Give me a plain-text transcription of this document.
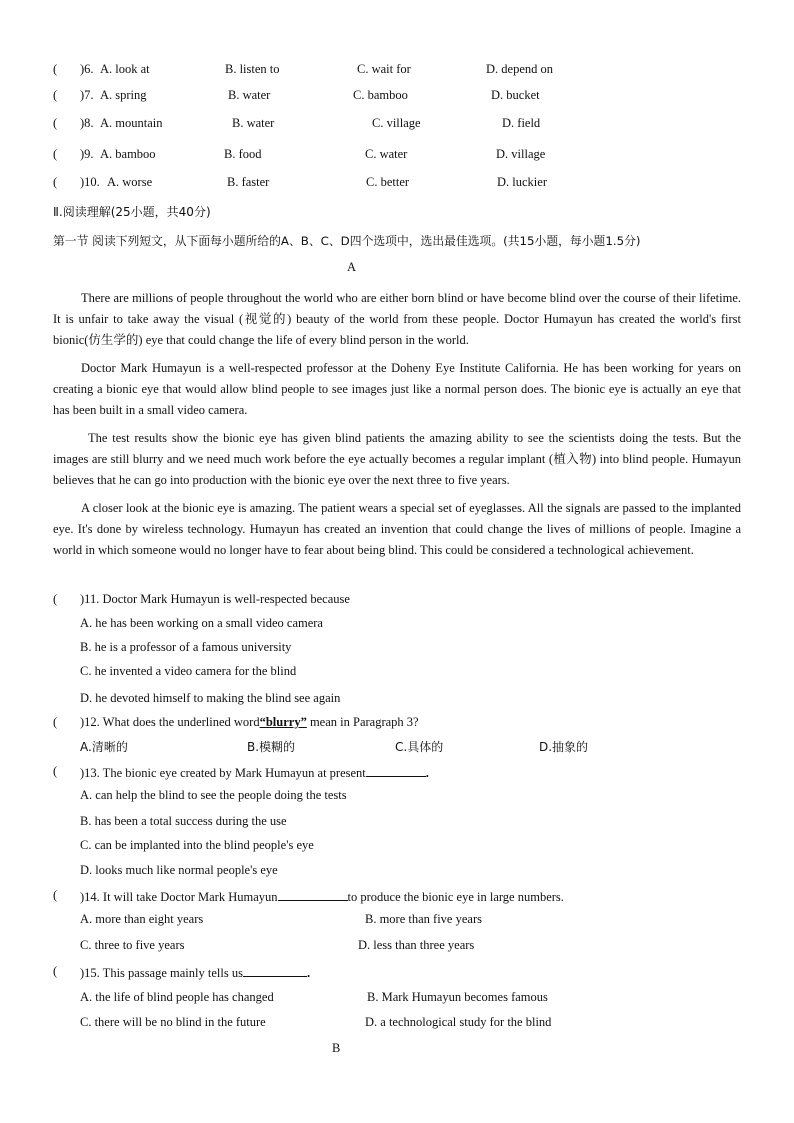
( )6. A. look at	B. listen to	C. wait for	D. depend on
( )7. A. spring	B. water	C. bamboo	D. bucket
( )8. A. mountain	B. water	C. village	D. field
( )9. A. bamboo	B. food	C. water	D. village
( )10. A. worse	B. faster	C. better	D. luckier
Ⅱ.阅读理解(25小题，共40分)
第一节 阅读下列短文，从下面每小题所给的A、B、C、D四个选项中，选出最佳选项。(共15小题，每小题1.5分)
A
There are millions of people throughout the world who are either born blind or have become blind over the course of their lifetime. It is unfair to take away the visual (视觉的) beauty of the world from these people. Doctor Humayun has created the world's first bionic(仿生学的) eye that could change the life of every blind person in the world.
Doctor Mark Humayun is a well-respected professor at the Doheny Eye Institute California. He has been working for years on creating a bionic eye that would allow blind people to see images just like a normal person does. The bionic eye is actually an eye that has been built in a small video camera.
The test results show the bionic eye has given blind patients the amazing ability to see the scientists doing the tests. But the images are still blurry and we need much work before the eye actually becomes a regular implant (植入物) into blind people. Humayun believes that he can go into production with the bionic eye over the next three to five years.
A closer look at the bionic eye is amazing. The patient wears a special set of eyeglasses. All the signals are passed to the implanted eye. It's done by wireless technology. Humayun has created an invention that could change the lives of millions of people. Imagine a world in which someone would no longer have to fear about being blind. This could be considered a technological achievement.
( )11. Doctor Mark Humayun is well-respected because
A. he has been working on a small video camera
B. he is a professor of a famous university
C. he invented a video camera for the blind
D. he devoted himself to making the blind see again
( )12. What does the underlined word“blurry” mean in Paragraph 3?
A.清晰的	B.模糊的	C.具体的	D.抽象的
( )13. The bionic eye created by Mark Humayun at present	.
A. can help the blind to see the people doing the tests
B. has been a total success during the use
C. can be implanted into the blind people's eye
D. looks much like normal people's eye
( )14. It will take Doctor Mark Humayun	to produce the bionic eye in large numbers.
A. more than eight years	B. more than five years
C. three to five years	D. less than three years
( )15. This passage mainly tells us	.
A. the life of blind people has changed	B. Mark Humayun becomes famous
C. there will be no blind in the future	D. a technological study for the blind
B
